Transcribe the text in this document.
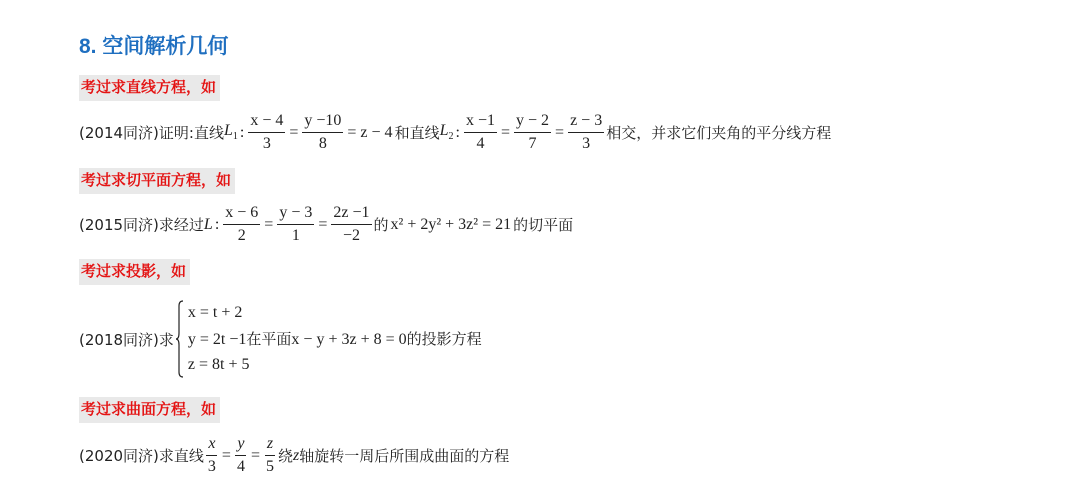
8. 空间解析几何
考过求直线方程，如
(2014同济) 证明:直线 $L_1$ : $\frac{x - 4}{3} = \frac{y -10}{8} = z - 4$ 和直线 $L_2$ : $\frac{x -1}{4} = \frac{y - 2}{7} = \frac{z - 3}{3}$ 相交，并求它们夹角的平分线方程
考过求切平面方程，如
(2015同济) 求经过 L : $\frac{x - 6}{2} = \frac{y - 3}{1} = \frac{2z -1}{-2}$ 的 x² + 2y² + 3z² = 21 的切平面
考过求投影，如
(2018同济) 求
x = t + 2
y = 2t −1在平面x − y + 3z + 8 = 0的投影方程
z = 8t + 5
考过求曲面方程，如
(2020同济) 求直线 $\frac{x}{3} = \frac{y}{4} = \frac{z}{5}$ 绕 z 轴旋转一周后所围成曲面的方程
